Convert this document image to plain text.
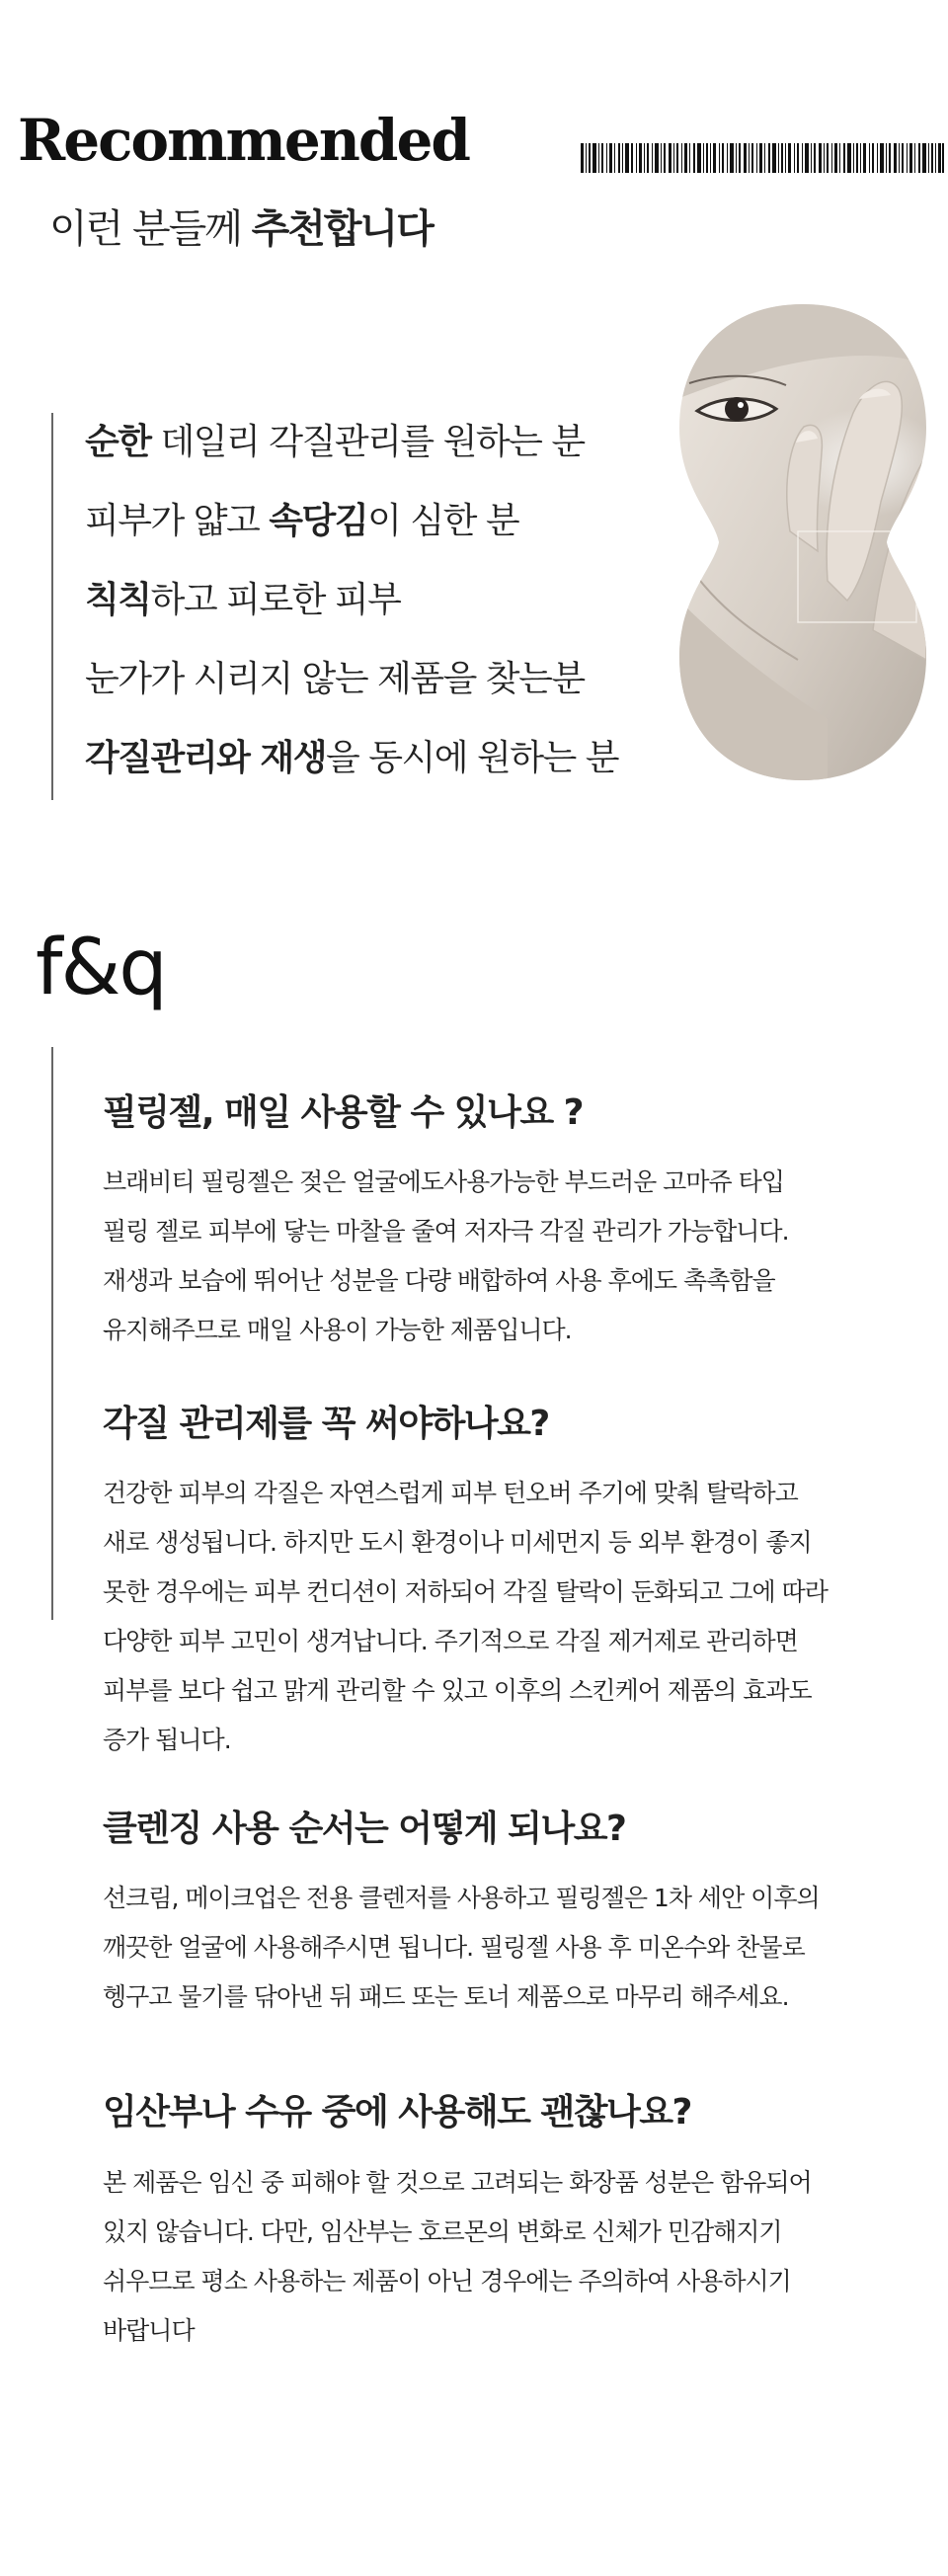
Recommended
이런 분들께 추천합니다
순한 데일리 각질관리를 원하는 분
피부가 얇고 속당김이 심한 분
칙칙하고 피로한 피부
눈가가 시리지 않는 제품을 찾는분
각질관리와 재생을 동시에 원하는 분
f&q
필링젤, 매일 사용할 수 있나요 ?
브래비티 필링젤은 젖은 얼굴에도사용가능한 부드러운 고마쥬 타입
필링 젤로 피부에 닿는 마찰을 줄여 저자극 각질 관리가 가능합니다.
재생과 보습에 뛰어난 성분을 다량 배합하여 사용 후에도 촉촉함을
유지해주므로 매일 사용이 가능한 제품입니다.
각질 관리제를 꼭 써야하나요?
건강한 피부의 각질은 자연스럽게 피부 턴오버 주기에 맞춰 탈락하고
새로 생성됩니다. 하지만 도시 환경이나 미세먼지 등 외부 환경이 좋지
못한 경우에는 피부 컨디션이 저하되어 각질 탈락이 둔화되고 그에 따라
다양한 피부 고민이 생겨납니다. 주기적으로 각질 제거제로 관리하면
피부를 보다 쉽고 맑게 관리할 수 있고 이후의 스킨케어 제품의 효과도
증가 됩니다.
클렌징 사용 순서는 어떻게 되나요?
선크림, 메이크업은 전용 클렌저를 사용하고 필링젤은 1차 세안 이후의
깨끗한 얼굴에 사용해주시면 됩니다. 필링젤 사용 후 미온수와 찬물로
헹구고 물기를 닦아낸 뒤 패드 또는 토너 제품으로 마무리 해주세요.
임산부나 수유 중에 사용해도 괜찮나요?
본 제품은 임신 중 피해야 할 것으로 고려되는 화장품 성분은 함유되어
있지 않습니다. 다만, 임산부는 호르몬의 변화로 신체가 민감해지기
쉬우므로 평소 사용하는 제품이 아닌 경우에는 주의하여 사용하시기
바랍니다
